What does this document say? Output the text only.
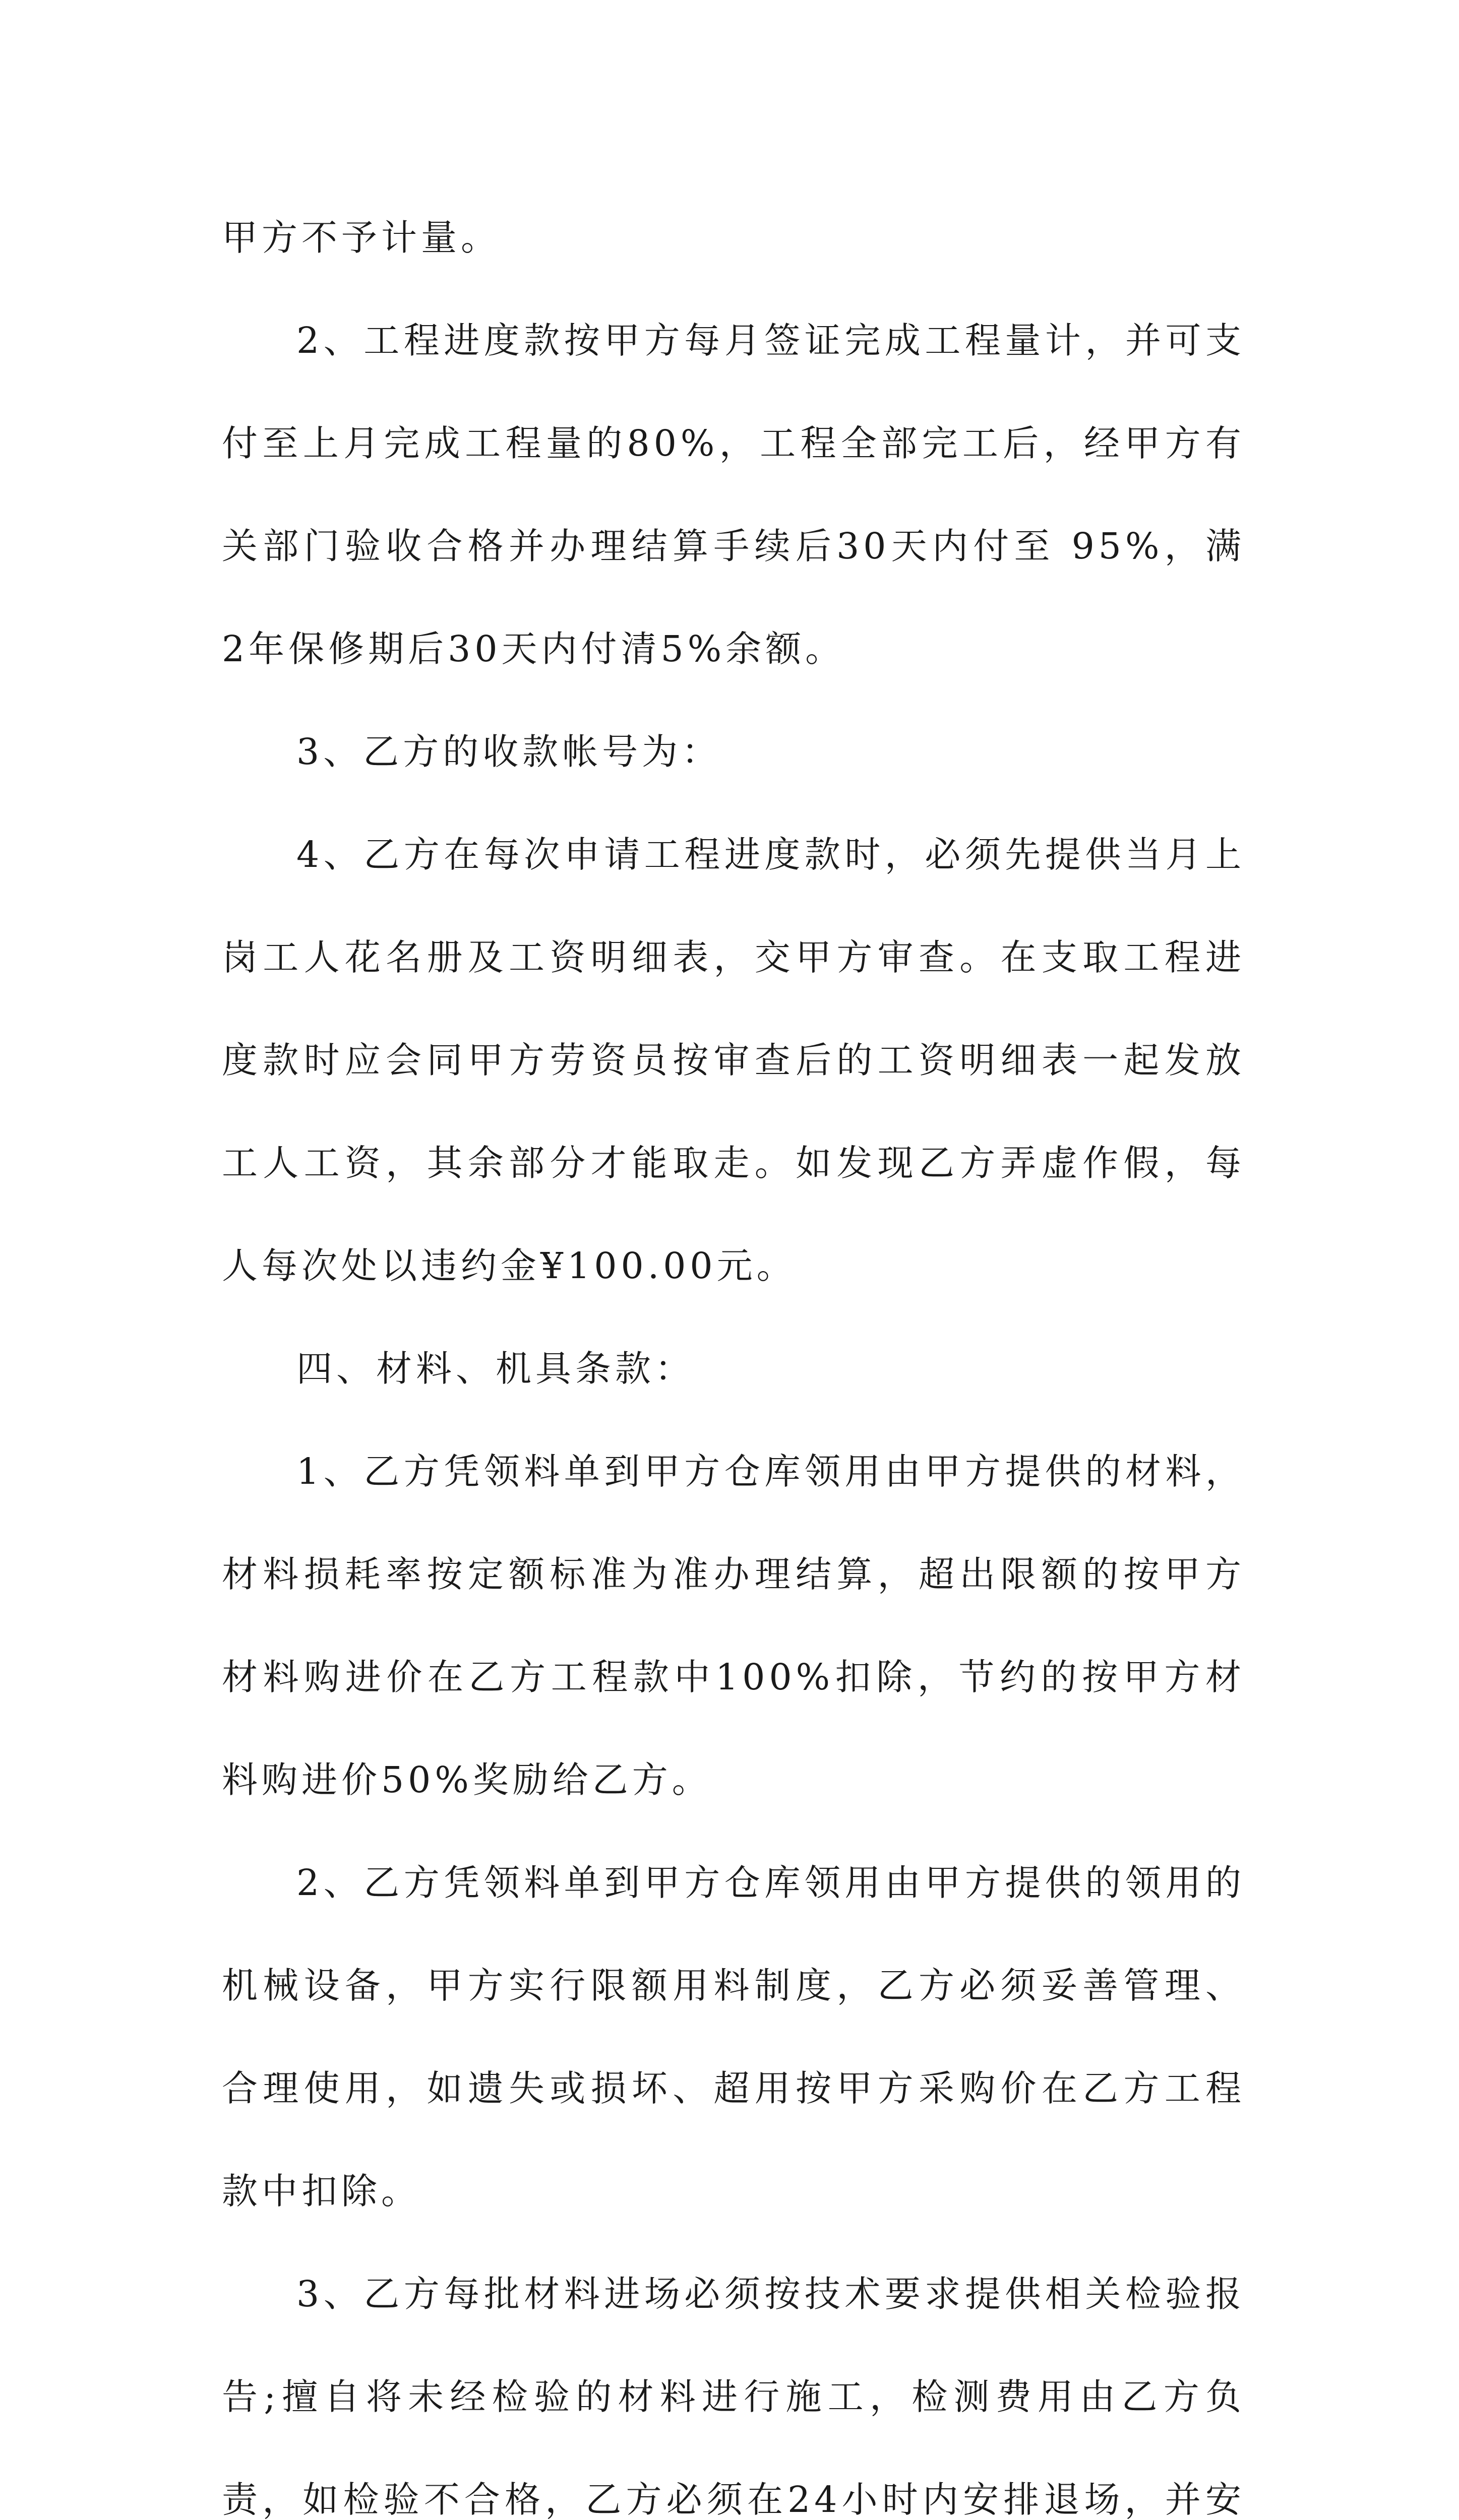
甲方不予计量。

2、工程进度款按甲方每月签证完成工程量计，并可支付至上月完成工程量的80%，工程全部完工后，经甲方有关部门验收合格并办理结算手续后30天内付至 95%，满2年保修期后30天内付清5%余额。

3、乙方的收款帐号为：

4、乙方在每次申请工程进度款时，必须先提供当月上岗工人花名册及工资明细表，交甲方审查。在支取工程进度款时应会同甲方劳资员按审查后的工资明细表一起发放工人工资，其余部分才能取走。如发现乙方弄虚作假，每人每次处以违约金¥100.00元。

四、材料、机具条款：

1、乙方凭领料单到甲方仓库领用由甲方提供的材料，材料损耗率按定额标准为准办理结算，超出限额的按甲方材料购进价在乙方工程款中100%扣除，节约的按甲方材料购进价50%奖励给乙方。

2、乙方凭领料单到甲方仓库领用由甲方提供的领用的机械设备，甲方实行限额用料制度，乙方必须妥善管理、合理使用，如遗失或损坏、超用按甲方采购价在乙方工程款中扣除。

3、乙方每批材料进场必须按技术要求提供相关检验报告;擅自将未经检验的材料进行施工，检测费用由乙方负责，如检验不合格，乙方必须在24小时内安排退场，并安
